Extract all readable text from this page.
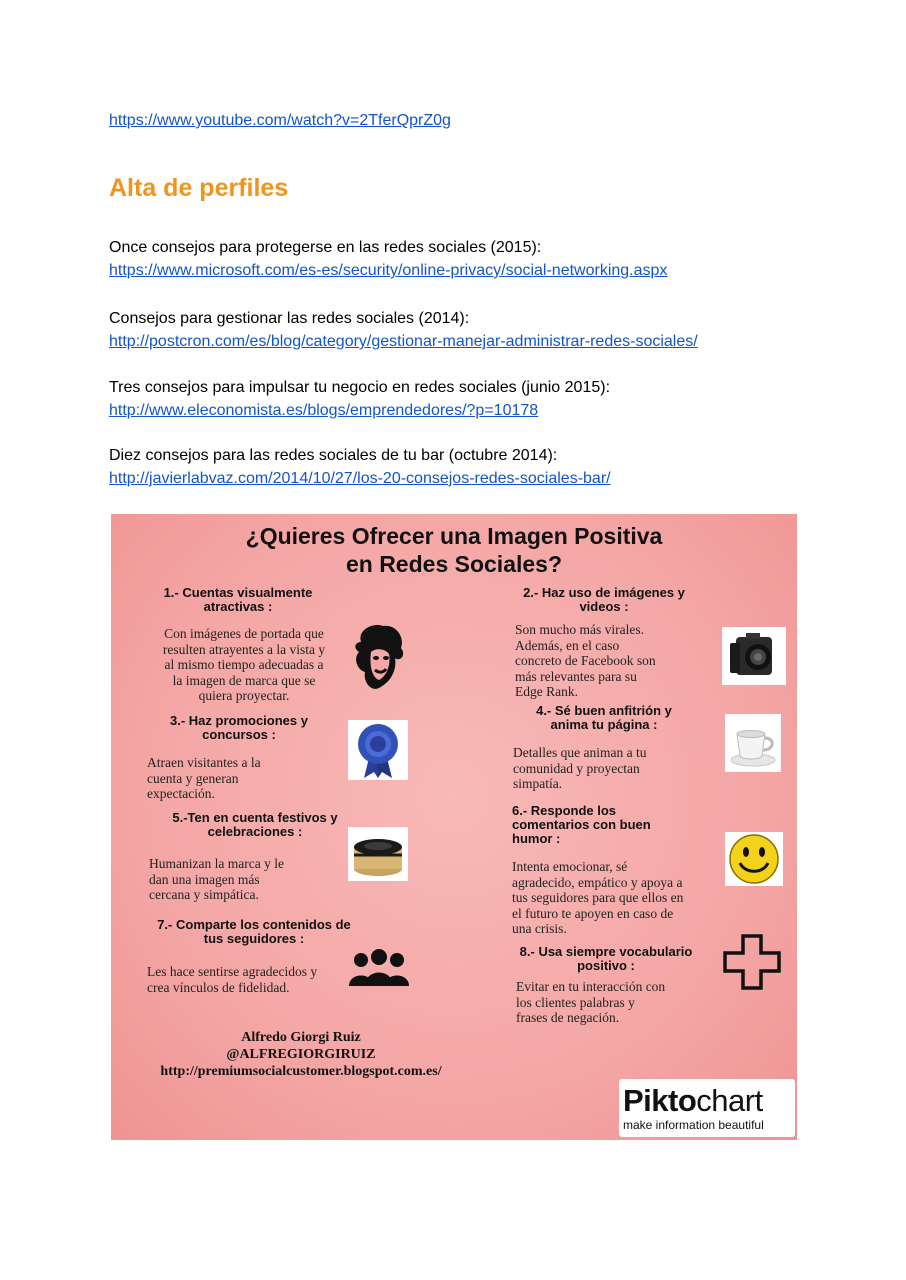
https://www.youtube.com/watch?v=2TferQprZ0g
Alta de perfiles
Once consejos para protegerse en las redes sociales (2015):
https://www.microsoft.com/es-es/security/online-privacy/social-networking.aspx
Consejos para gestionar las redes sociales (2014):
http://postcron.com/es/blog/category/gestionar-manejar-administrar-redes-sociales/
Tres consejos para impulsar tu negocio en redes sociales (junio 2015):
http://www.eleconomista.es/blogs/emprendedores/?p=10178
Diez consejos para las redes sociales de tu bar (octubre 2014):
http://javierlabvaz.com/2014/10/27/los-20-consejos-redes-sociales-bar/
¿Quieres Ofrecer una Imagen Positiva
en Redes Sociales?
1.- Cuentas visualmente
atractivas :
Con imágenes de portada que
resulten atrayentes a la vista y
al mismo tiempo adecuadas a
la imagen de marca que se
quiera proyectar.
2.- Haz uso de imágenes y
videos :
Son mucho más virales.
Además, en el caso
concreto de Facebook son
más relevantes para su
Edge Rank.
3.- Haz promociones y
concursos :
Atraen visitantes a la
cuenta y generan
expectación.
4.- Sé buen anfitrión y
anima tu página :
Detalles que animan a tu
comunidad y proyectan
simpatía.
5.-Ten en cuenta festivos y
celebraciones :
Humanizan la marca y le
dan una imagen más
cercana y simpática.
6.- Responde los
comentarios con buen
humor :
Intenta emocionar, sé
agradecido, empático y apoya a
tus seguidores para que ellos en
el futuro te apoyen en caso de
una crisis.
7.- Comparte los contenidos de
tus seguidores :
Les hace sentirse agradecidos y
crea vínculos de fidelidad.
8.- Usa siempre vocabulario
positivo :
Evitar en tu interacción con
los clientes palabras y
frases de negación.
Alfredo Giorgi Ruiz
@ALFREGIORGIRUIZ
http://premiumsocialcustomer.blogspot.com.es/
Piktochart
make information beautiful
